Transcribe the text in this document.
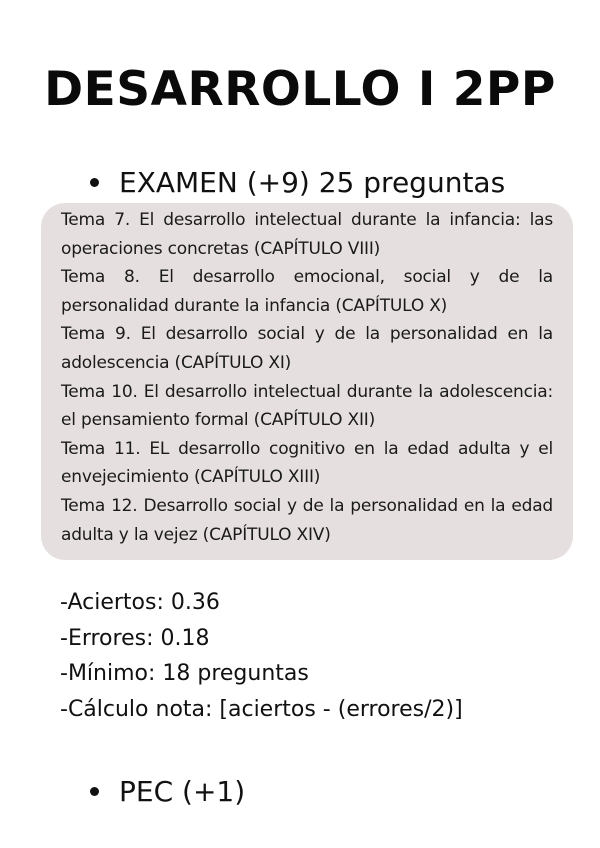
DESARROLLO I 2PP
EXAMEN (+9) 25 preguntas
Tema 7. El desarrollo intelectual durante la infancia: las operaciones concretas (CAPÍTULO VIII)
Tema 8. El desarrollo emocional, social y de la personalidad durante la infancia (CAPÍTULO X)
Tema 9. El desarrollo social y de la personalidad en la adolescencia (CAPÍTULO XI)
Tema 10. El desarrollo intelectual durante la adolescencia: el pensamiento formal (CAPÍTULO XII)
Tema 11. EL desarrollo cognitivo en la edad adulta y el envejecimiento (CAPÍTULO XIII)
Tema 12. Desarrollo social y de la personalidad en la edad adulta y la vejez (CAPÍTULO XIV)
-Aciertos: 0.36
-Errores: 0.18
-Mínimo: 18 preguntas
-Cálculo nota: [aciertos - (errores/2)]
PEC (+1)
